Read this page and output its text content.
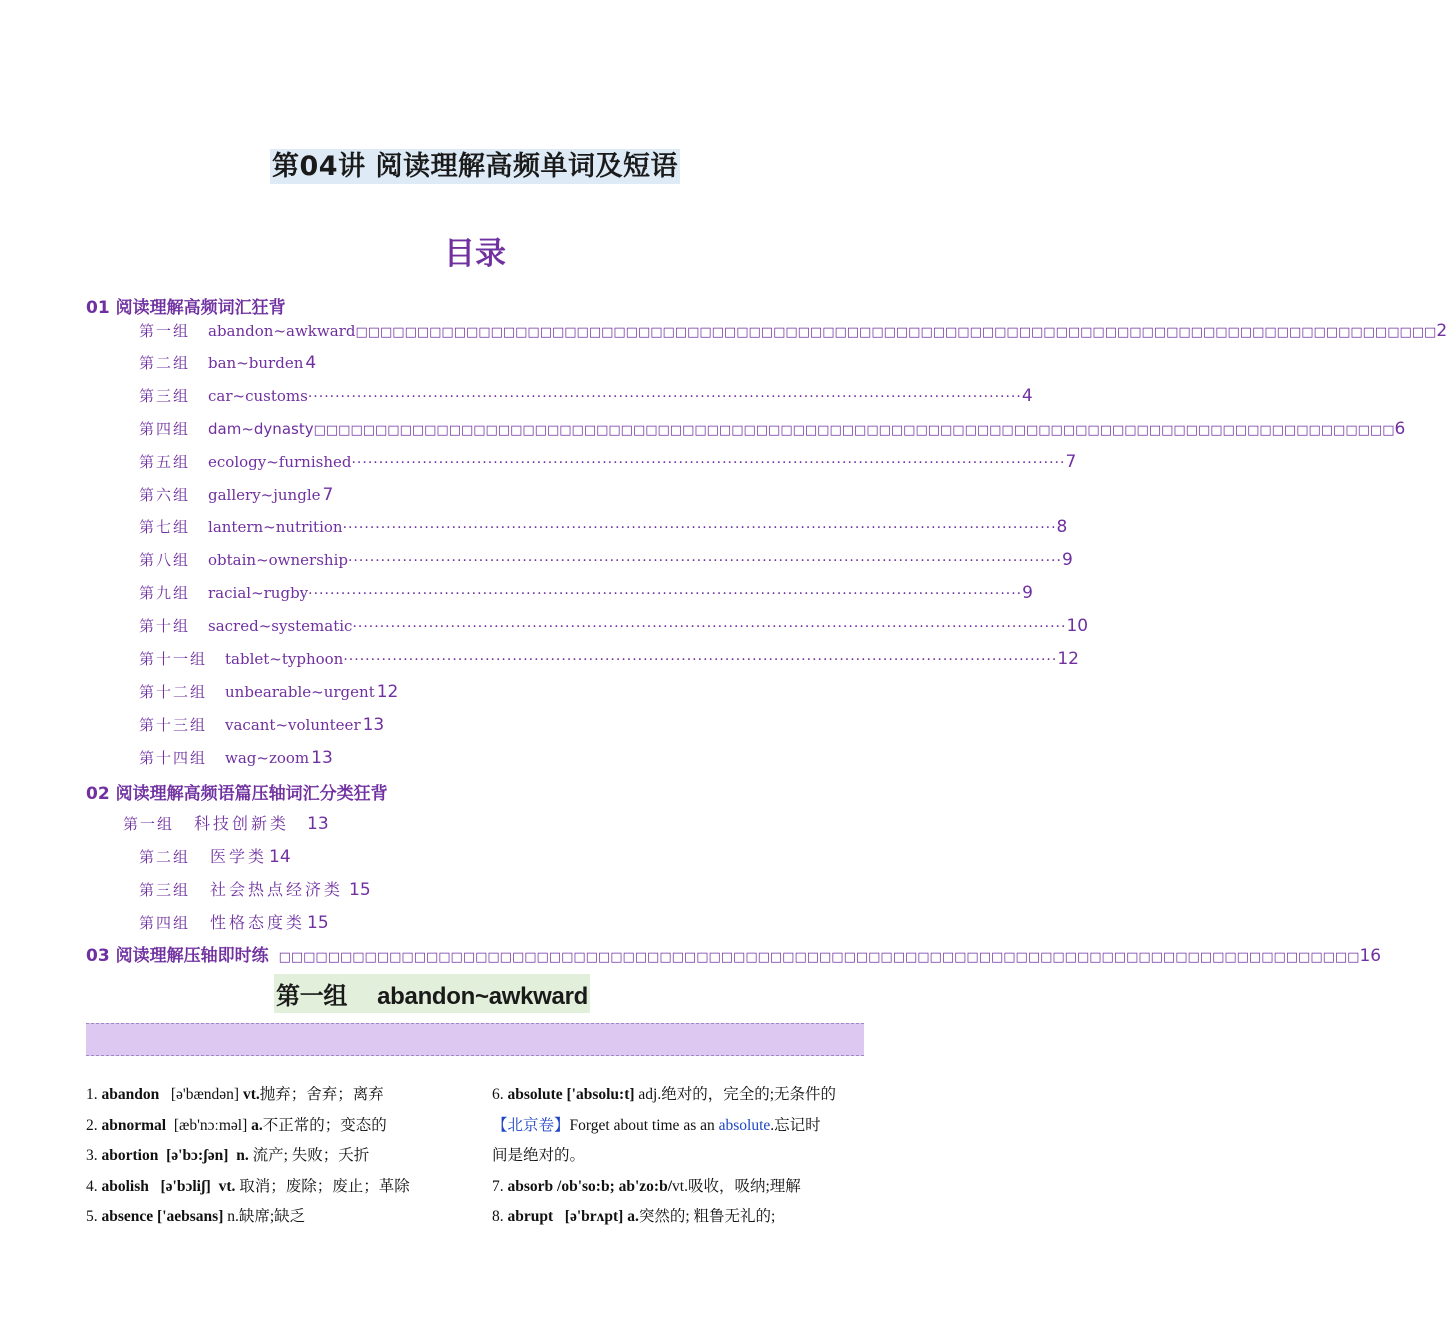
第04讲 阅读理解高频单词及短语
目录
01 阅读理解高频词汇狂背
第一组 abandon~awkward □□□□□□□□□□□□□□□□□□□□□□□□□□□□□□□□□□□□□□□□□□□□□□□□□□□□□□□□□□□□□□□□□□□□□□□□□□□□□□□□□□□□□□□□ 2
第二组 ban~burden 4
第三组 car~customs ··································································································································· 4
第四组 dam~dynasty □□□□□□□□□□□□□□□□□□□□□□□□□□□□□□□□□□□□□□□□□□□□□□□□□□□□□□□□□□□□□□□□□□□□□□□□□□□□□□□□□□□□□□□□ 6
第五组 ecology~furnished ··································································································································· 7
第六组 gallery~jungle 7
第七组 lantern~nutrition ··································································································································· 8
第八组 obtain~ownership ··································································································································· 9
第九组 racial~rugby ··································································································································· 9
第十组 sacred~systematic ··································································································································· 10
第十一组 tablet~typhoon ··································································································································· 12
第十二组 unbearable~urgent 12
第十三组 vacant~volunteer 13
第十四组 wag~zoom 13
02 阅读理解高频语篇压轴词汇分类狂背
第一组 科技创新类 13
第二组 医学类 14
第三组 社会热点经济类 15
第四组 性格态度类 15
03 阅读理解压轴即时练 □□□□□□□□□□□□□□□□□□□□□□□□□□□□□□□□□□□□□□□□□□□□□□□□□□□□□□□□□□□□□□□□□□□□□□□□□□□□□□□□□□□□□□□□ 16
第一组 abandon~awkward
1. abandon [ə'bændən] vt.抛弃；舍弃；离弃
2. abnormal [æb'nɔːməl] a.不正常的；变态的
3. abortion [ə'bɔ:ʃən] n. 流产; 失败；夭折
4. abolish [ə'bɔliʃ] vt. 取消；废除；废止；革除
5. absence ['aebsans] n.缺席;缺乏
6. absolute ['absolu:t] adj.绝对的，完全的;无条件的
【北京卷】Forget about time as an absolute.忘记时
间是绝对的。
7. absorb /ob'so:b; ab'zo:b/vt.吸收，吸纳;理解
8. abrupt [ə'brʌpt] a.突然的; 粗鲁无礼的;
